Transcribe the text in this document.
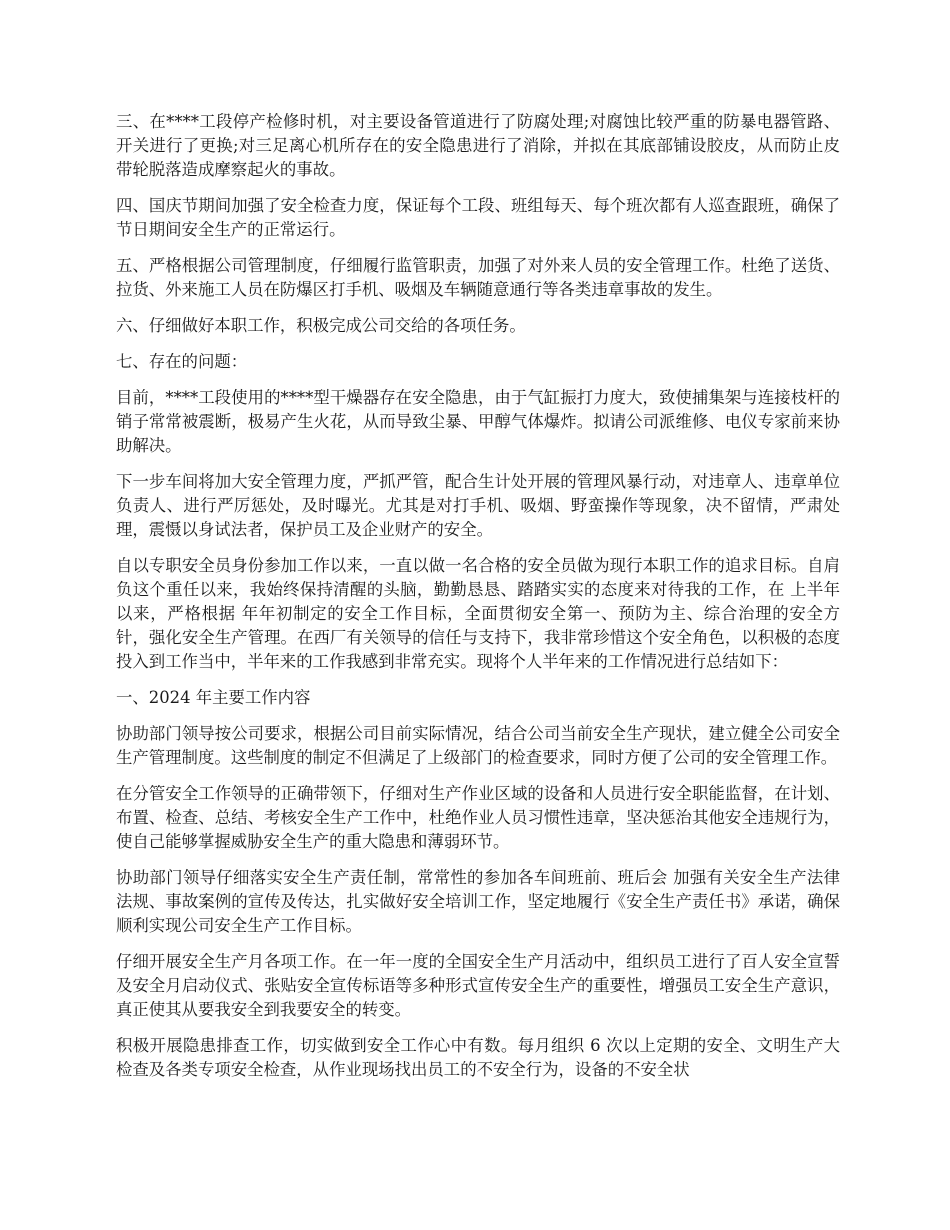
三、在****工段停产检修时机，对主要设备管道进行了防腐处理;对腐蚀比较严重的防暴电器管路、开关进行了更换;对三足离心机所存在的安全隐患进行了消除，并拟在其底部铺设胶皮，从而防止皮带轮脱落造成摩察起火的事故。

四、国庆节期间加强了安全检查力度，保证每个工段、班组每天、每个班次都有人巡查跟班，确保了节日期间安全生产的正常运行。

五、严格根据公司管理制度，仔细履行监管职责，加强了对外来人员的安全管理工作。杜绝了送货、拉货、外来施工人员在防爆区打手机、吸烟及车辆随意通行等各类违章事故的发生。

六、仔细做好本职工作，积极完成公司交给的各项任务。

七、存在的问题：

目前，****工段使用的****型干燥器存在安全隐患，由于气缸振打力度大，致使捕集架与连接枝杆的销子常常被震断，极易产生火花，从而导致尘暴、甲醇气体爆炸。拟请公司派维修、电仪专家前来协助解决。

下一步车间将加大安全管理力度，严抓严管，配合生计处开展的管理风暴行动，对违章人、违章单位负责人、进行严厉惩处，及时曝光。尤其是对打手机、吸烟、野蛮操作等现象，决不留情，严肃处理，震慑以身试法者，保护员工及企业财产的安全。

自以专职安全员身份参加工作以来，一直以做一名合格的安全员做为现行本职工作的追求目标。自肩负这个重任以来，我始终保持清醒的头脑，勤勤恳恳、踏踏实实的态度来对待我的工作，在 上半年以来，严格根据 年年初制定的安全工作目标，全面贯彻安全第一、预防为主、综合治理的安全方针，强化安全生产管理。在西厂有关领导的信任与支持下，我非常珍惜这个安全角色，以积极的态度投入到工作当中，半年来的工作我感到非常充实。现将个人半年来的工作情况进行总结如下：

一、2024 年主要工作内容

协助部门领导按公司要求，根据公司目前实际情况，结合公司当前安全生产现状，建立健全公司安全生产管理制度。这些制度的制定不但满足了上级部门的检查要求，同时方便了公司的安全管理工作。

在分管安全工作领导的正确带领下，仔细对生产作业区域的设备和人员进行安全职能监督，在计划、布置、检查、总结、考核安全生产工作中，杜绝作业人员习惯性违章，坚决惩治其他安全违规行为，使自己能够掌握威胁安全生产的重大隐患和薄弱环节。

协助部门领导仔细落实安全生产责任制，常常性的参加各车间班前、班后会 加强有关安全生产法律法规、事故案例的宣传及传达，扎实做好安全培训工作，坚定地履行《安全生产责任书》承诺，确保顺利实现公司安全生产工作目标。

仔细开展安全生产月各项工作。在一年一度的全国安全生产月活动中，组织员工进行了百人安全宣誓及安全月启动仪式、张贴安全宣传标语等多种形式宣传安全生产的重要性，增强员工安全生产意识，真正使其从要我安全到我要安全的转变。

积极开展隐患排查工作，切实做到安全工作心中有数。每月组织 6 次以上定期的安全、文明生产大检查及各类专项安全检查，从作业现场找出员工的不安全行为，设备的不安全状
